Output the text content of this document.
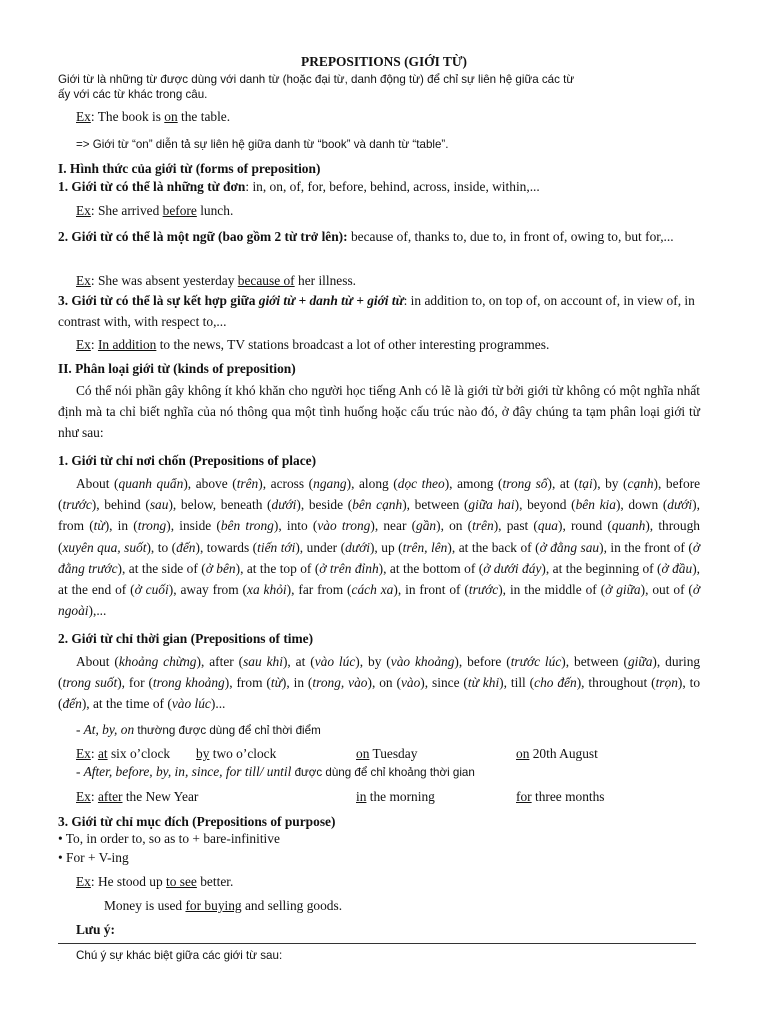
PREPOSITIONS (GIỚI TỪ)
Giới từ là những từ được dùng với danh từ (hoặc đại từ, danh động từ) để chỉ sự liên hệ giữa các từ
ấy với các từ khác trong câu.
Ex: The book is on the table.
=> Giới từ “on” diễn tả sự liên hệ giữa danh từ “book” và danh từ “table”.
I. Hình thức của giới từ (forms of preposition)
1. Giới từ có thể là những từ đơn: in, on, of, for, before, behind, across, inside, within,...
Ex: She arrived before lunch.
2. Giới từ có thể là một ngữ (bao gồm 2 từ trở lên): because of, thanks to, due to, in front of, owing to, but for,...
Ex: She was absent yesterday because of her illness.
3. Giới từ có thể là sự kết hợp giữa giới từ + danh từ + giới từ: in addition to, on top of, on account of, in view of, in contrast with, with respect to,...
Ex: In addition to the news, TV stations broadcast a lot of other interesting programmes.
II. Phân loại giới từ (kinds of preposition)
Có thể nói phần gây không ít khó khăn cho người học tiếng Anh có lẽ là giới từ bởi giới từ không có một nghĩa nhất định mà ta chỉ biết nghĩa của nó thông qua một tình huống hoặc cấu trúc nào đó, ở đây chúng ta tạm phân loại giới từ như sau:
1. Giới từ chỉ nơi chốn (Prepositions of place)
About (quanh quẩn), above (trên), across (ngang), along (dọc theo), among (trong số), at (tại), by (cạnh), before (trước), behind (sau), below, beneath (dưới), beside (bên cạnh), between (giữa hai), beyond (bên kia), down (dưới), from (từ), in (trong), inside (bên trong), into (vào trong), near (gần), on (trên), past (qua), round (quanh), through (xuyên qua, suốt), to (đến), towards (tiến tới), under (dưới), up (trên, lên), at the back of (ở đằng sau), in the front of (ở đằng trước), at the side of (ở bên), at the top of (ở trên đỉnh), at the bottom of (ở dưới đáy), at the beginning of (ở đầu), at the end of (ở cuối), away from (xa khỏi), far from (cách xa), in front of (trước), in the middle of (ở giữa), out of (ở ngoài),...
2. Giới từ chỉ thời gian (Prepositions of time)
About (khoảng chừng), after (sau khi), at (vào lúc), by (vào khoảng), before (trước lúc), between (giữa), during (trong suốt), for (trong khoảng), from (từ), in (trong, vào), on (vào), since (từ khi), till (cho đến), throughout (trọn), to (đến), at the time of (vào lúc)...
- At, by, on thường được dùng để chỉ thời điểm
Ex: at six o’clock	by two o’clock	on Tuesday	on 20th August
- After, before, by, in, since, for till/ until được dùng để chỉ khoảng thời gian
Ex: after the New Year	in the morning	for three months
3. Giới từ chỉ mục đích (Prepositions of purpose)
• To, in order to, so as to + bare-infinitive
• For + V-ing
Ex: He stood up to see better.
Money is used for buying and selling goods.
Lưu ý:
Chú ý sự khác biệt giữa các giới từ sau:
